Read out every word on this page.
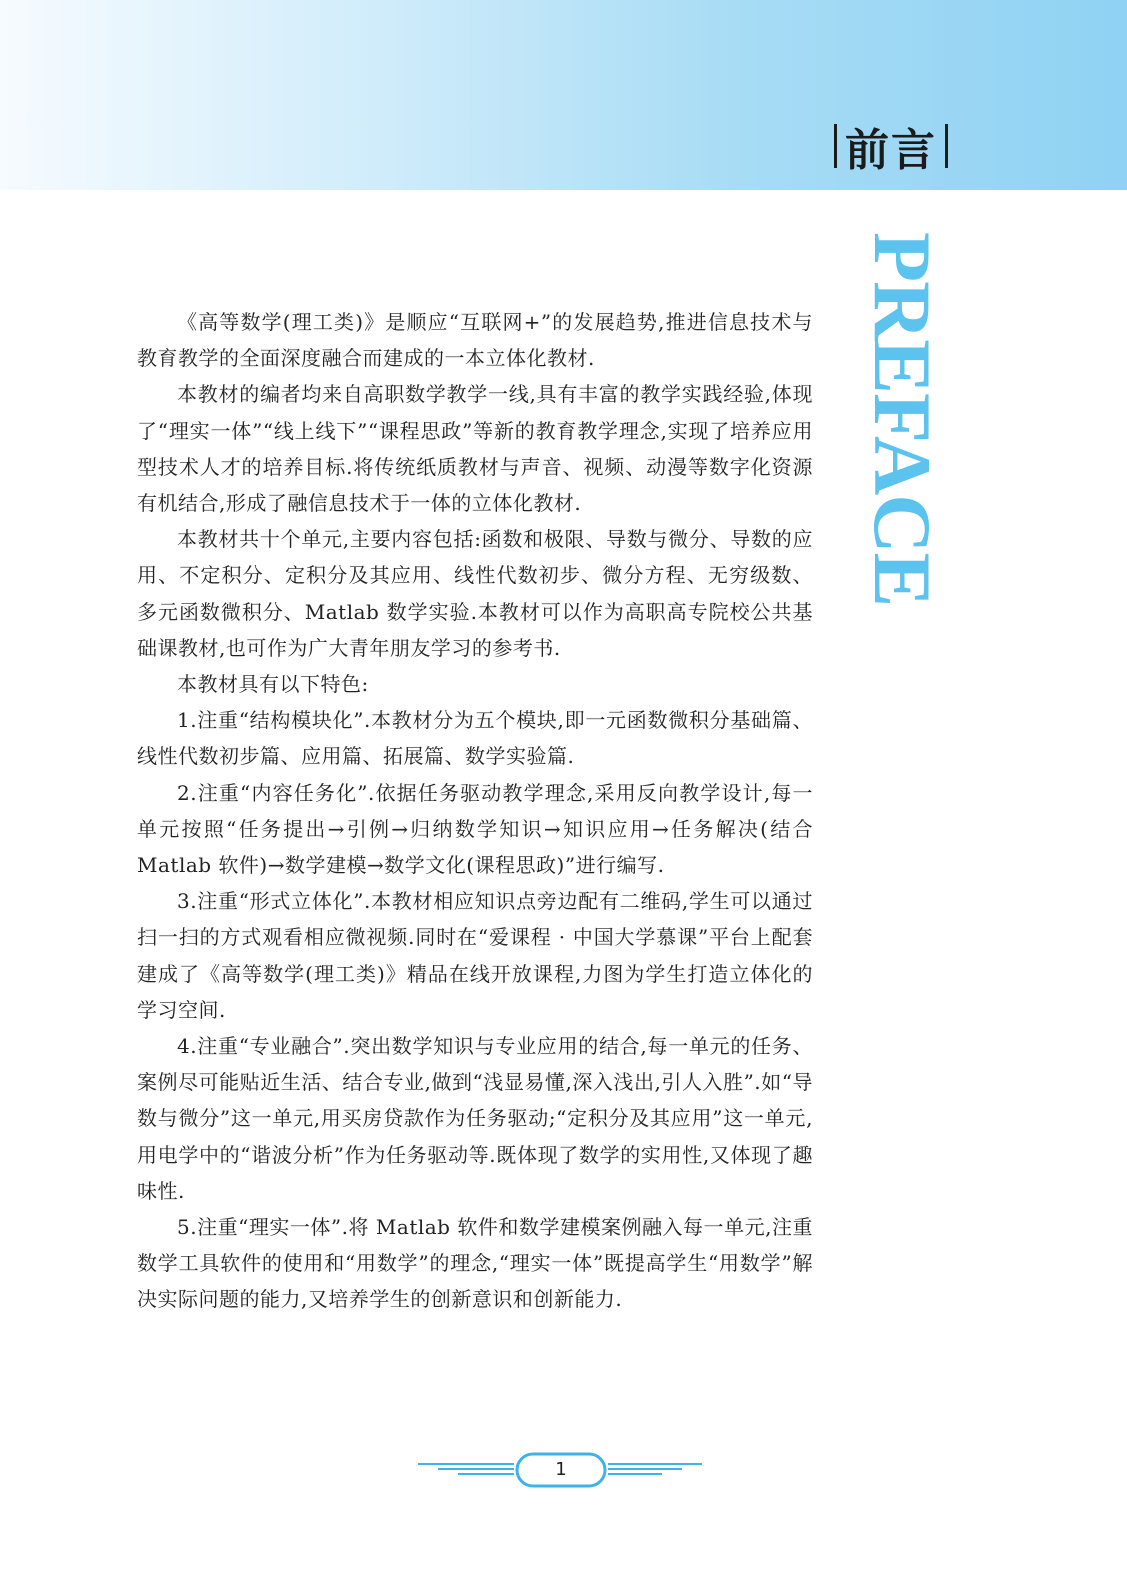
前言
PREFACE

《高等数学(理工类)》是顺应“互联网+”的发展趋势,推进信息技术与教育教学的全面深度融合而建成的一本立体化教材.

本教材的编者均来自高职数学教学一线,具有丰富的教学实践经验,体现了“理实一体”“线上线下”“课程思政”等新的教育教学理念,实现了培养应用型技术人才的培养目标.将传统纸质教材与声音、视频、动漫等数字化资源有机结合,形成了融信息技术于一体的立体化教材.

本教材共十个单元,主要内容包括:函数和极限、导数与微分、导数的应用、不定积分、定积分及其应用、线性代数初步、微分方程、无穷级数、多元函数微积分、Matlab 数学实验.本教材可以作为高职高专院校公共基础课教材,也可作为广大青年朋友学习的参考书.

本教材具有以下特色:

1.注重“结构模块化”.本教材分为五个模块,即一元函数微积分基础篇、线性代数初步篇、应用篇、拓展篇、数学实验篇.

2.注重“内容任务化”.依据任务驱动教学理念,采用反向教学设计,每一单元按照“任务提出→引例→归纳数学知识→知识应用→任务解决(结合 Matlab 软件)→数学建模→数学文化(课程思政)”进行编写.

3.注重“形式立体化”.本教材相应知识点旁边配有二维码,学生可以通过扫一扫的方式观看相应微视频.同时在“爱课程 · 中国大学慕课”平台上配套建成了《高等数学(理工类)》精品在线开放课程,力图为学生打造立体化的学习空间.

4.注重“专业融合”.突出数学知识与专业应用的结合,每一单元的任务、案例尽可能贴近生活、结合专业,做到“浅显易懂,深入浅出,引人入胜”.如“导数与微分”这一单元,用买房贷款作为任务驱动;“定积分及其应用”这一单元,用电学中的“谐波分析”作为任务驱动等.既体现了数学的实用性,又体现了趣味性.

5.注重“理实一体”.将 Matlab 软件和数学建模案例融入每一单元,注重数学工具软件的使用和“用数学”的理念,“理实一体”既提高学生“用数学”解决实际问题的能力,又培养学生的创新意识和创新能力.

1
